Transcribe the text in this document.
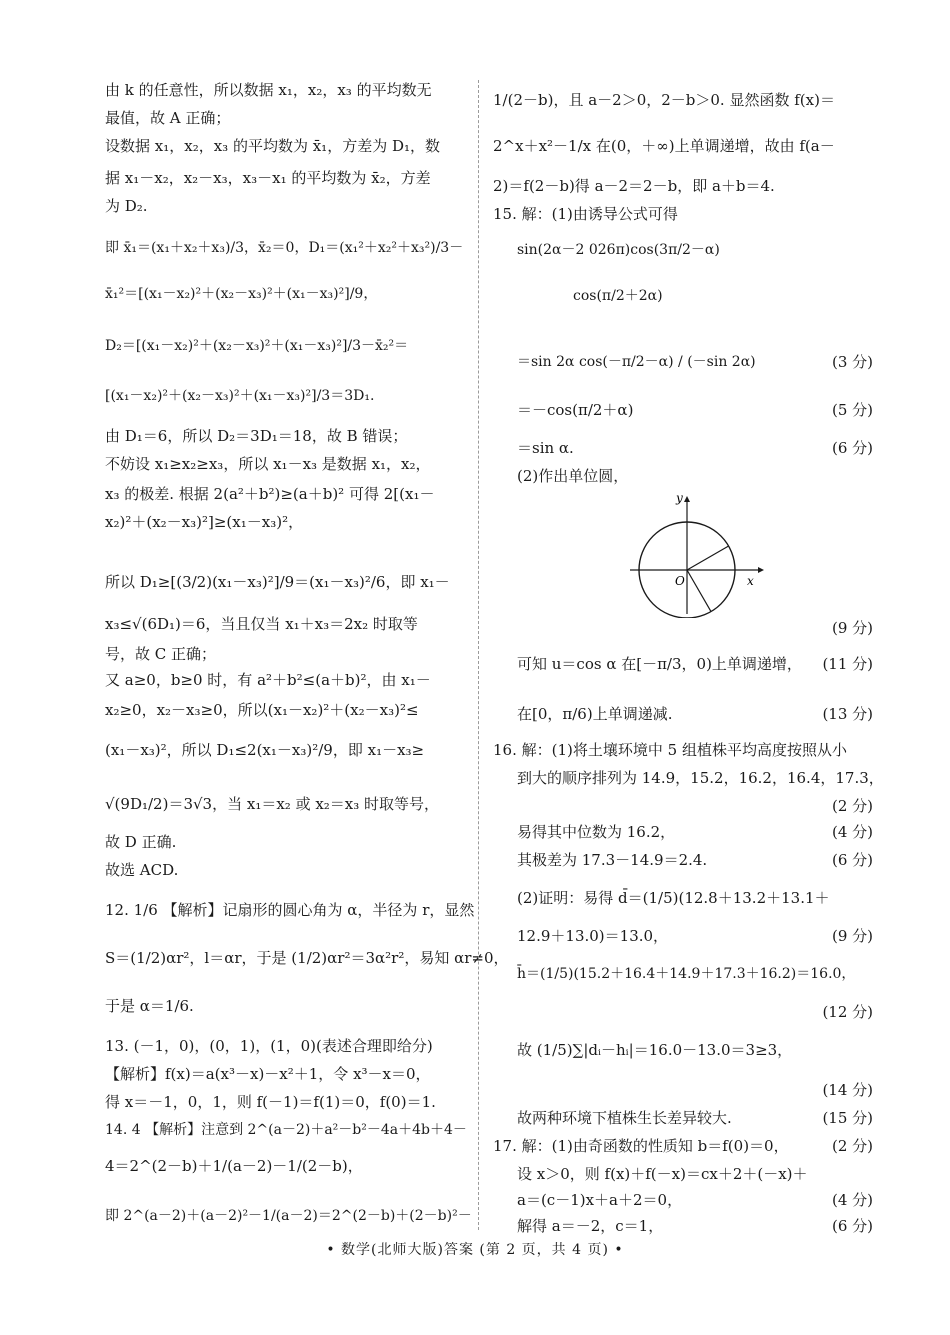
由 k 的任意性，所以数据 x₁，x₂，x₃ 的平均数无
最值，故 A 正确；
设数据 x₁，x₂，x₃ 的平均数为 x̄₁，方差为 D₁，数
据 x₁－x₂，x₂－x₃，x₃－x₁ 的平均数为 x̄₂，方差
为 D₂.
即 x̄₁＝(x₁＋x₂＋x₃)/3，x̄₂＝0，D₁＝(x₁²＋x₂²＋x₃²)/3－
x̄₁²＝[(x₁－x₂)²＋(x₂－x₃)²＋(x₁－x₃)²]/9，
D₂＝[(x₁－x₂)²＋(x₂－x₃)²＋(x₁－x₃)²]/3－x̄₂²＝
[(x₁－x₂)²＋(x₂－x₃)²＋(x₁－x₃)²]/3＝3D₁.
由 D₁＝6，所以 D₂＝3D₁＝18，故 B 错误；
不妨设 x₁≥x₂≥x₃，所以 x₁－x₃ 是数据 x₁，x₂，
x₃ 的极差. 根据 2(a²＋b²)≥(a＋b)² 可得 2[(x₁－
x₂)²＋(x₂－x₃)²]≥(x₁－x₃)²，
所以 D₁≥[(3/2)(x₁－x₃)²]/9＝(x₁－x₃)²/6，即 x₁－
x₃≤√(6D₁)＝6，当且仅当 x₁＋x₃＝2x₂ 时取等
号，故 C 正确；
又 a≥0，b≥0 时，有 a²＋b²≤(a＋b)²，由 x₁－
x₂≥0，x₂－x₃≥0，所以(x₁－x₂)²＋(x₂－x₃)²≤
(x₁－x₃)²，所以 D₁≤2(x₁－x₃)²/9，即 x₁－x₃≥
√(9D₁/2)＝3√3，当 x₁＝x₂ 或 x₂＝x₃ 时取等号，
故 D 正确.
故选 ACD.
12. 1/6 【解析】记扇形的圆心角为 α，半径为 r，显然
S＝(1/2)αr²，l＝αr，于是 (1/2)αr²＝3α²r²，易知 αr≠0，
于是 α＝1/6.
13. (－1，0)，(0，1)，(1，0)(表述合理即给分)
【解析】f(x)＝a(x³－x)－x²＋1，令 x³－x＝0，
得 x＝－1，0，1，则 f(－1)＝f(1)＝0，f(0)＝1.
14. 4 【解析】注意到 2^(a－2)＋a²－b²－4a＋4b＋4－
4＝2^(2－b)＋1/(a－2)－1/(2－b)，
即 2^(a－2)＋(a－2)²－1/(a－2)＝2^(2－b)＋(2－b)²－
1/(2－b)，且 a－2＞0，2－b＞0. 显然函数 f(x)＝
2^x＋x²－1/x 在(0，＋∞)上单调递增，故由 f(a－
2)＝f(2－b)得 a－2＝2－b，即 a＋b＝4.
15. 解：(1)由诱导公式可得
sin(2α－2 026π)cos(3π/2－α)
cos(π/2＋2α)
＝sin 2α cos(－π/2－α) / (－sin 2α)	(3 分)
＝－cos(π/2＋α)	(5 分)
＝sin α.	(6 分)
(2)作出单位圆，
(9 分)
可知 u＝cos α 在[－π/3，0)上单调递增， (11 分)
在[0，π/6)上单调递减.	(13 分)
16. 解：(1)将土壤环境中 5 组植株平均高度按照从小
到大的顺序排列为 14.9，15.2，16.2，16.4，17.3，
(2 分)
易得其中位数为 16.2，	(4 分)
其极差为 17.3－14.9＝2.4.	(6 分)
(2)证明：易得 d̄＝(1/5)(12.8＋13.2＋13.1＋
12.9＋13.0)＝13.0，	(9 分)
h̄＝(1/5)(15.2＋16.4＋14.9＋17.3＋16.2)＝16.0，
(12 分)
故 (1/5)∑|dᵢ－hᵢ|＝16.0－13.0＝3≥3，
(14 分)
故两种环境下植株生长差异较大.	(15 分)
17. 解：(1)由奇函数的性质知 b＝f(0)＝0，	(2 分)
设 x＞0，则 f(x)＋f(－x)＝cx＋2＋(－x)＋
a＝(c－1)x＋a＋2＝0，	(4 分)
解得 a＝－2，c＝1，	(6 分)
y
x
O
• 数学(北师大版)答案 (第 2 页，共 4 页) •
